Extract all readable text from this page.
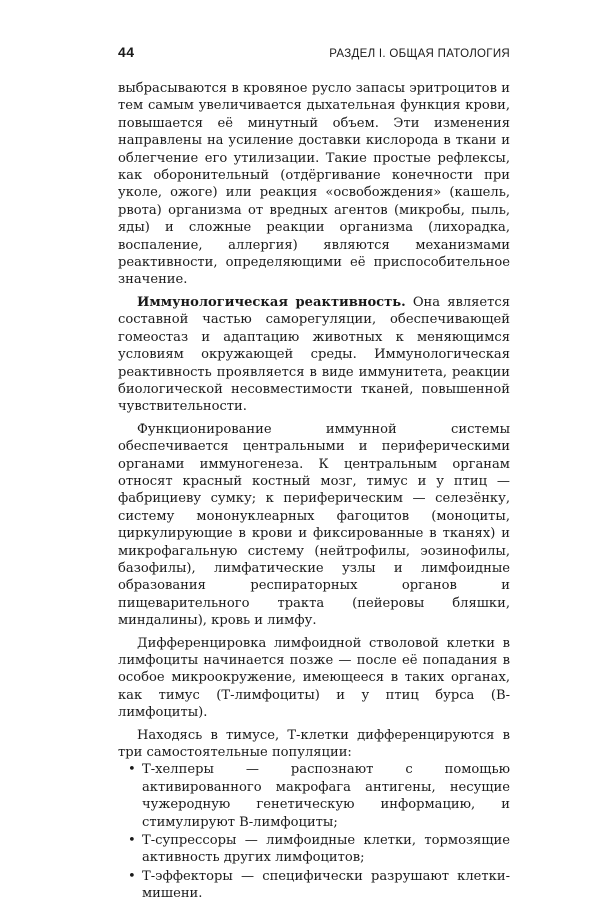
44	РАЗДЕЛ I. ОБЩАЯ ПАТОЛОГИЯ

выбрасываются в кровяное русло запасы эритроцитов и тем самым увеличивается дыхательная функция крови, повышается её минутный объем. Эти изменения направлены на усиление доставки кислорода в ткани и облегчение его утилизации. Такие простые рефлексы, как оборонительный (отдёргивание конечности при уколе, ожоге) или реакция «освобождения» (кашель, рвота) организма от вредных агентов (микробы, пыль, яды) и сложные реакции организма (лихорадка, воспаление, аллергия) являются механизмами реактивности, определяющими её приспособительное значение.

Иммунологическая реактивность. Она является составной частью саморегуляции, обеспечивающей гомеостаз и адаптацию животных к меняющимся условиям окружающей среды. Иммунологическая реактивность проявляется в виде иммунитета, реакции биологической несовместимости тканей, повышенной чувствительности.

Функционирование иммунной системы обеспечивается центральными и периферическими органами иммуногенеза. К центральным органам относят красный костный мозг, тимус и у птиц — фабрициеву сумку; к периферическим — селезёнку, систему мононуклеарных фагоцитов (моноциты, циркулирующие в крови и фиксированные в тканях) и микрофагальную систему (нейтрофилы, эозинофилы, базофилы), лимфатические узлы и лимфоидные образования респираторных органов и пищеварительного тракта (пейеровы бляшки, миндалины), кровь и лимфу.

Дифференцировка лимфоидной стволовой клетки в лимфоциты начинается позже — после её попадания в особое микроокружение, имеющееся в таких органах, как тимус (Т-лимфоциты) и у птиц бурса (В-лимфоциты).

Находясь в тимусе, Т-клетки дифференцируются в три самостоятельные популяции:

• Т-хелперы — распознают с помощью активированного макрофага антигены, несущие чужеродную генетическую информацию, и стимулируют В-лимфоциты;
• Т-супрессоры — лимфоидные клетки, тормозящие активность других лимфоцитов;
• Т-эффекторы — специфически разрушают клетки-мишени.
